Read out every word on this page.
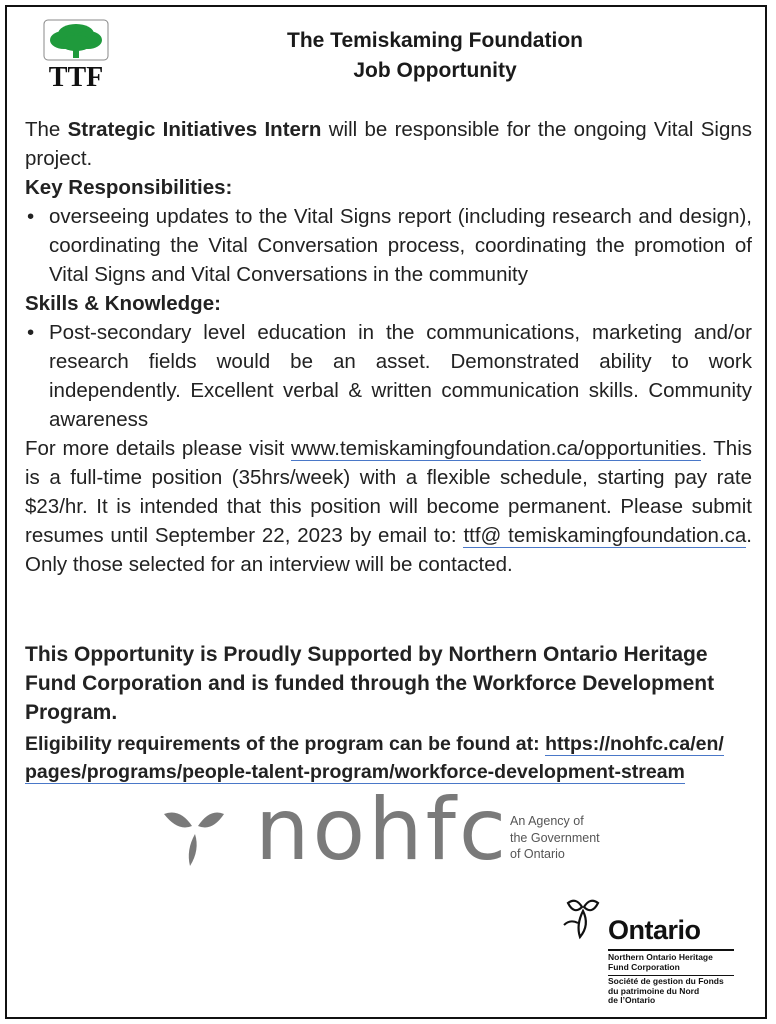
TTF
The Temiskaming Foundation
Job Opportunity

The Strategic Initiatives Intern will be responsible for the ongoing Vital Signs project.

Key Responsibilities:

• overseeing updates to the Vital Signs report (including research and design), coordinating the Vital Conversation process, coordinating the promotion of Vital Signs and Vital Conversations in the community

Skills & Knowledge:

• Post-secondary level education in the communications, marketing and/or research fields would be an asset. Demonstrated ability to work independently. Excellent verbal & written communication skills. Community awareness

For more details please visit www.temiskamingfoundation.ca/opportunities. This is a full-time position (35hrs/week) with a flexible schedule, starting pay rate $23/hr. It is intended that this position will become permanent. Please submit resumes until September 22, 2023 by email to: ttf@ temiskamingfoundation.ca. Only those selected for an interview will be contacted.

This Opportunity is Proudly Supported by Northern Ontario Heritage Fund Corporation and is funded through the Workforce Development Program.
Eligibility requirements of the program can be found at: https://nohfc.ca/en/ pages/programs/people-talent-program/workforce-development-stream
nohfc An Agency of
the Government
of Ontario
Ontario
Northern Ontario Heritage
Fund Corporation
Société de gestion du Fonds
du patrimoine du Nord
de l’Ontario
